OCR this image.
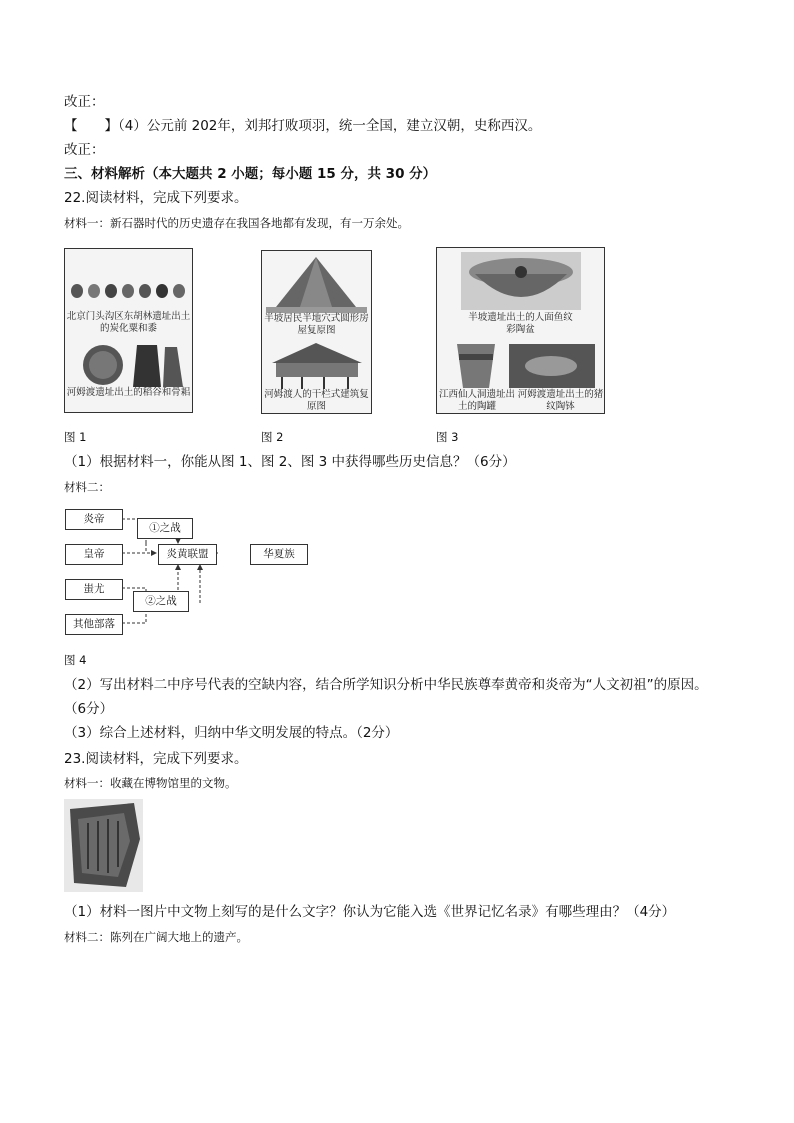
改正：
【　　】（4）公元前 202年，刘邦打败项羽，统一全国，建立汉朝，史称西汉。
改正：
三、材料解析（本大题共 2 小题；每小题 15 分，共 30 分）
22.阅读材料，完成下列要求。
材料一：新石器时代的历史遗存在我国各地都有发现，有一万余处。
北京门头沟区东胡林遗址出土的炭化粟和黍
河姆渡遗址出土的稻谷和骨耜
图 1
半坡居民半地穴式圆形房屋复原图
河姆渡人的干栏式建筑复原图
图 2
半坡遗址出土的人面鱼纹彩陶盆
江西仙人洞遗址出土的陶罐
河姆渡遗址出土的猪纹陶钵
图 3
（1）根据材料一，你能从图 1、图 2、图 3 中获得哪些历史信息？（6分）
材料二：
炎帝
①之战
皇帝	炎黄联盟	华夏族
蚩尤
②之战
其他部落
图 4
（2）写出材料二中序号代表的空缺内容，结合所学知识分析中华民族尊奉黄帝和炎帝为“人文初祖”的原因。
（6分）
（3）综合上述材料，归纳中华文明发展的特点。（2分）
23.阅读材料，完成下列要求。
材料一：收藏在博物馆里的文物。
（1）材料一图片中文物上刻写的是什么文字？你认为它能入选《世界记忆名录》有哪些理由？（4分）
材料二：陈列在广阔大地上的遗产。
